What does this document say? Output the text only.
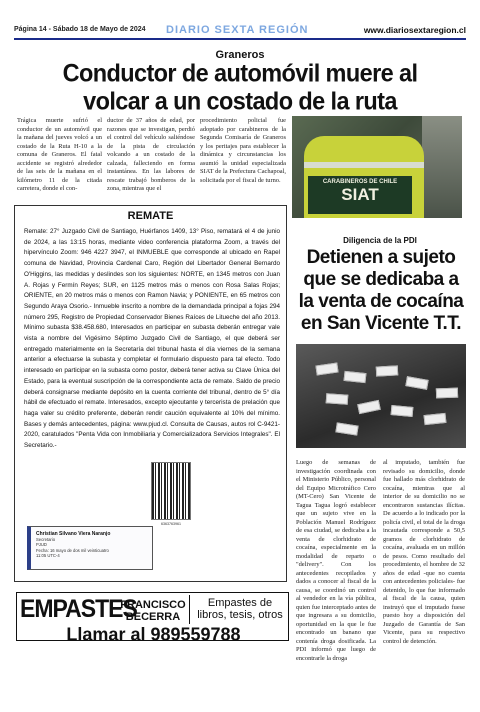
Página 14 - Sábado 18 de Mayo de 2024 DIARIO SEXTA REGIÓN	www.diariosextaregion.cl
Graneros
Conductor de automóvil muere al volcar a un costado de la ruta
Trágica muerte sufrió el conductor de un automóvil que la mañana del jueves volcó a un costado de la Ruta H-10 a la comuna de Graneros. El fatal accidente se registró alrededor de las seis de la mañana en el kilómetro 11 de la citada carretera, donde el con-
ductor de 37 años de edad, por razones que se investigan, perdió el control del vehículo saliéndose de la pista de circulación volcando a un costado de la calzada, falleciendo en forma instantánea. En las labores de rescate trabajó bomberos de la zona, mientras que el
procedimiento policial fue adoptado por carabineros de la Segunda Comisaría de Graneros y los peritajes para establecer la dinámica y circunstancias los asumió la unidad especializada SIAT de la Prefectura Cachapoal, solicitada por el fiscal de turno.	CARABINEROS DE CHILE
SIAT
REMATE
Remate: 27° Juzgado Civil de Santiago, Huérfanos 1409, 13° Piso, rematará el 4 de junio de 2024, a las 13:15 horas, mediante video conferencia plataforma Zoom, a través del hipervínculo Zoom: 946 4227 3947, el INMUEBLE que corresponde al ubicado en Rapel comuna de Navidad, Provincia Cardenal Caro, Región del Libertador General Bernardo O'Higgins, las medidas y deslindes son los siguientes: NORTE, en 1345 metros con Juan A. Rojas y Fermín Reyes; SUR, en 1125 metros más o menos con Rosa Salas Rojas; ORIENTE, en 20 metros más o menos con Ramon Navia; y PONIENTE, en 65 metros con Segundo Araya Osorio.- Inmueble inscrito a nombre de la demandada principal a fojas 294 número 295, Registro de Propiedad Conservador Bienes Raíces de Litueche del año 2013. Mínimo subasta $38.458.680, Interesados en participar en subasta deberán entregar vale vista a nombre del Vigésimo Séptimo Juzgado Civil de Santiago, el que deberá ser entregado materialmente en la Secretaría del tribunal hasta el día viernes de la semana anterior a efectuarse la subasta y completar el formulario dispuesto para tal efecto. Todo interesado en participar en la subasta como postor, deberá tener activa su Clave Única del Estado, para la eventual suscripción de la correspondiente acta de remate. Saldo de precio deberá consignarse mediante depósito en la cuenta corriente del tribunal, dentro de 5° día hábil de efectuado el remate. Interesados, excepto ejecutante y tercerista de prelación que haga valer su crédito preferente, deberán rendir caución equivalente al 10% del mínimo. Bases y demás antecedentes, página: www.pjud.cl. Consulta de Causas, autos rol C-9421-2020, caratulados "Penta Vida con Inmobiliaria y Comercializadora Servicios Integrales". El Secretario.-
6363763961
Christian Silvano Viera Naranjo
Secretario
PJUD
Fecha: 16 mayo de dos mil veinticuatro
11:05 UTC-4
EMPASTES
FRANCISCO BECERRA
Empastes de libros, tesis, otros
Llamar al 989559788
Diligencia de la PDI
Detienen a sujeto que se dedicaba a la venta de cocaína en San Vicente T.T.
Luego de semanas de investigación coordinada con el Ministerio Público, personal del Equipo Microtráfico Cero (MT-Cero) San Vicente de Tagua Tagua logró establecer que un sujeto vive en la Población Manuel Rodríguez de esa ciudad, se dedicaba a la venta de clorhidrato de cocaína, especialmente en la modalidad de reparto o "delivery". Con los antecedentes recopilados y dados a conocer al fiscal de la causa, se coordinó un control al vendedor en la vía pública, quien fue interceptado antes de que ingresara a su domicilio, oportunidad en la que le fue encontrado un banano que contenía droga dosificada. La PDI informó que luego de encontrarle la droga
al imputado, también fue revisado su domicilio, donde fue hallado más clorhidrato de cocaína, mientras que al interior de su domicilio no se encontraron sustancias ilícitas. De acuerdo a lo indicado por la policía civil, el total de la droga incautada corresponde a 50,5 gramos de clorhidrato de cocaína, avaluada en un millón de pesos. Como resultado del procedimiento, el hombre de 32 años de edad -que no cuenta con antecedentes policiales- fue detenido, lo que fue informado al fiscal de la causa, quien instruyó que el imputado fuese puesto hoy a disposición del Juzgado de Garantía de San Vicente, para su respectivo control de detención.
